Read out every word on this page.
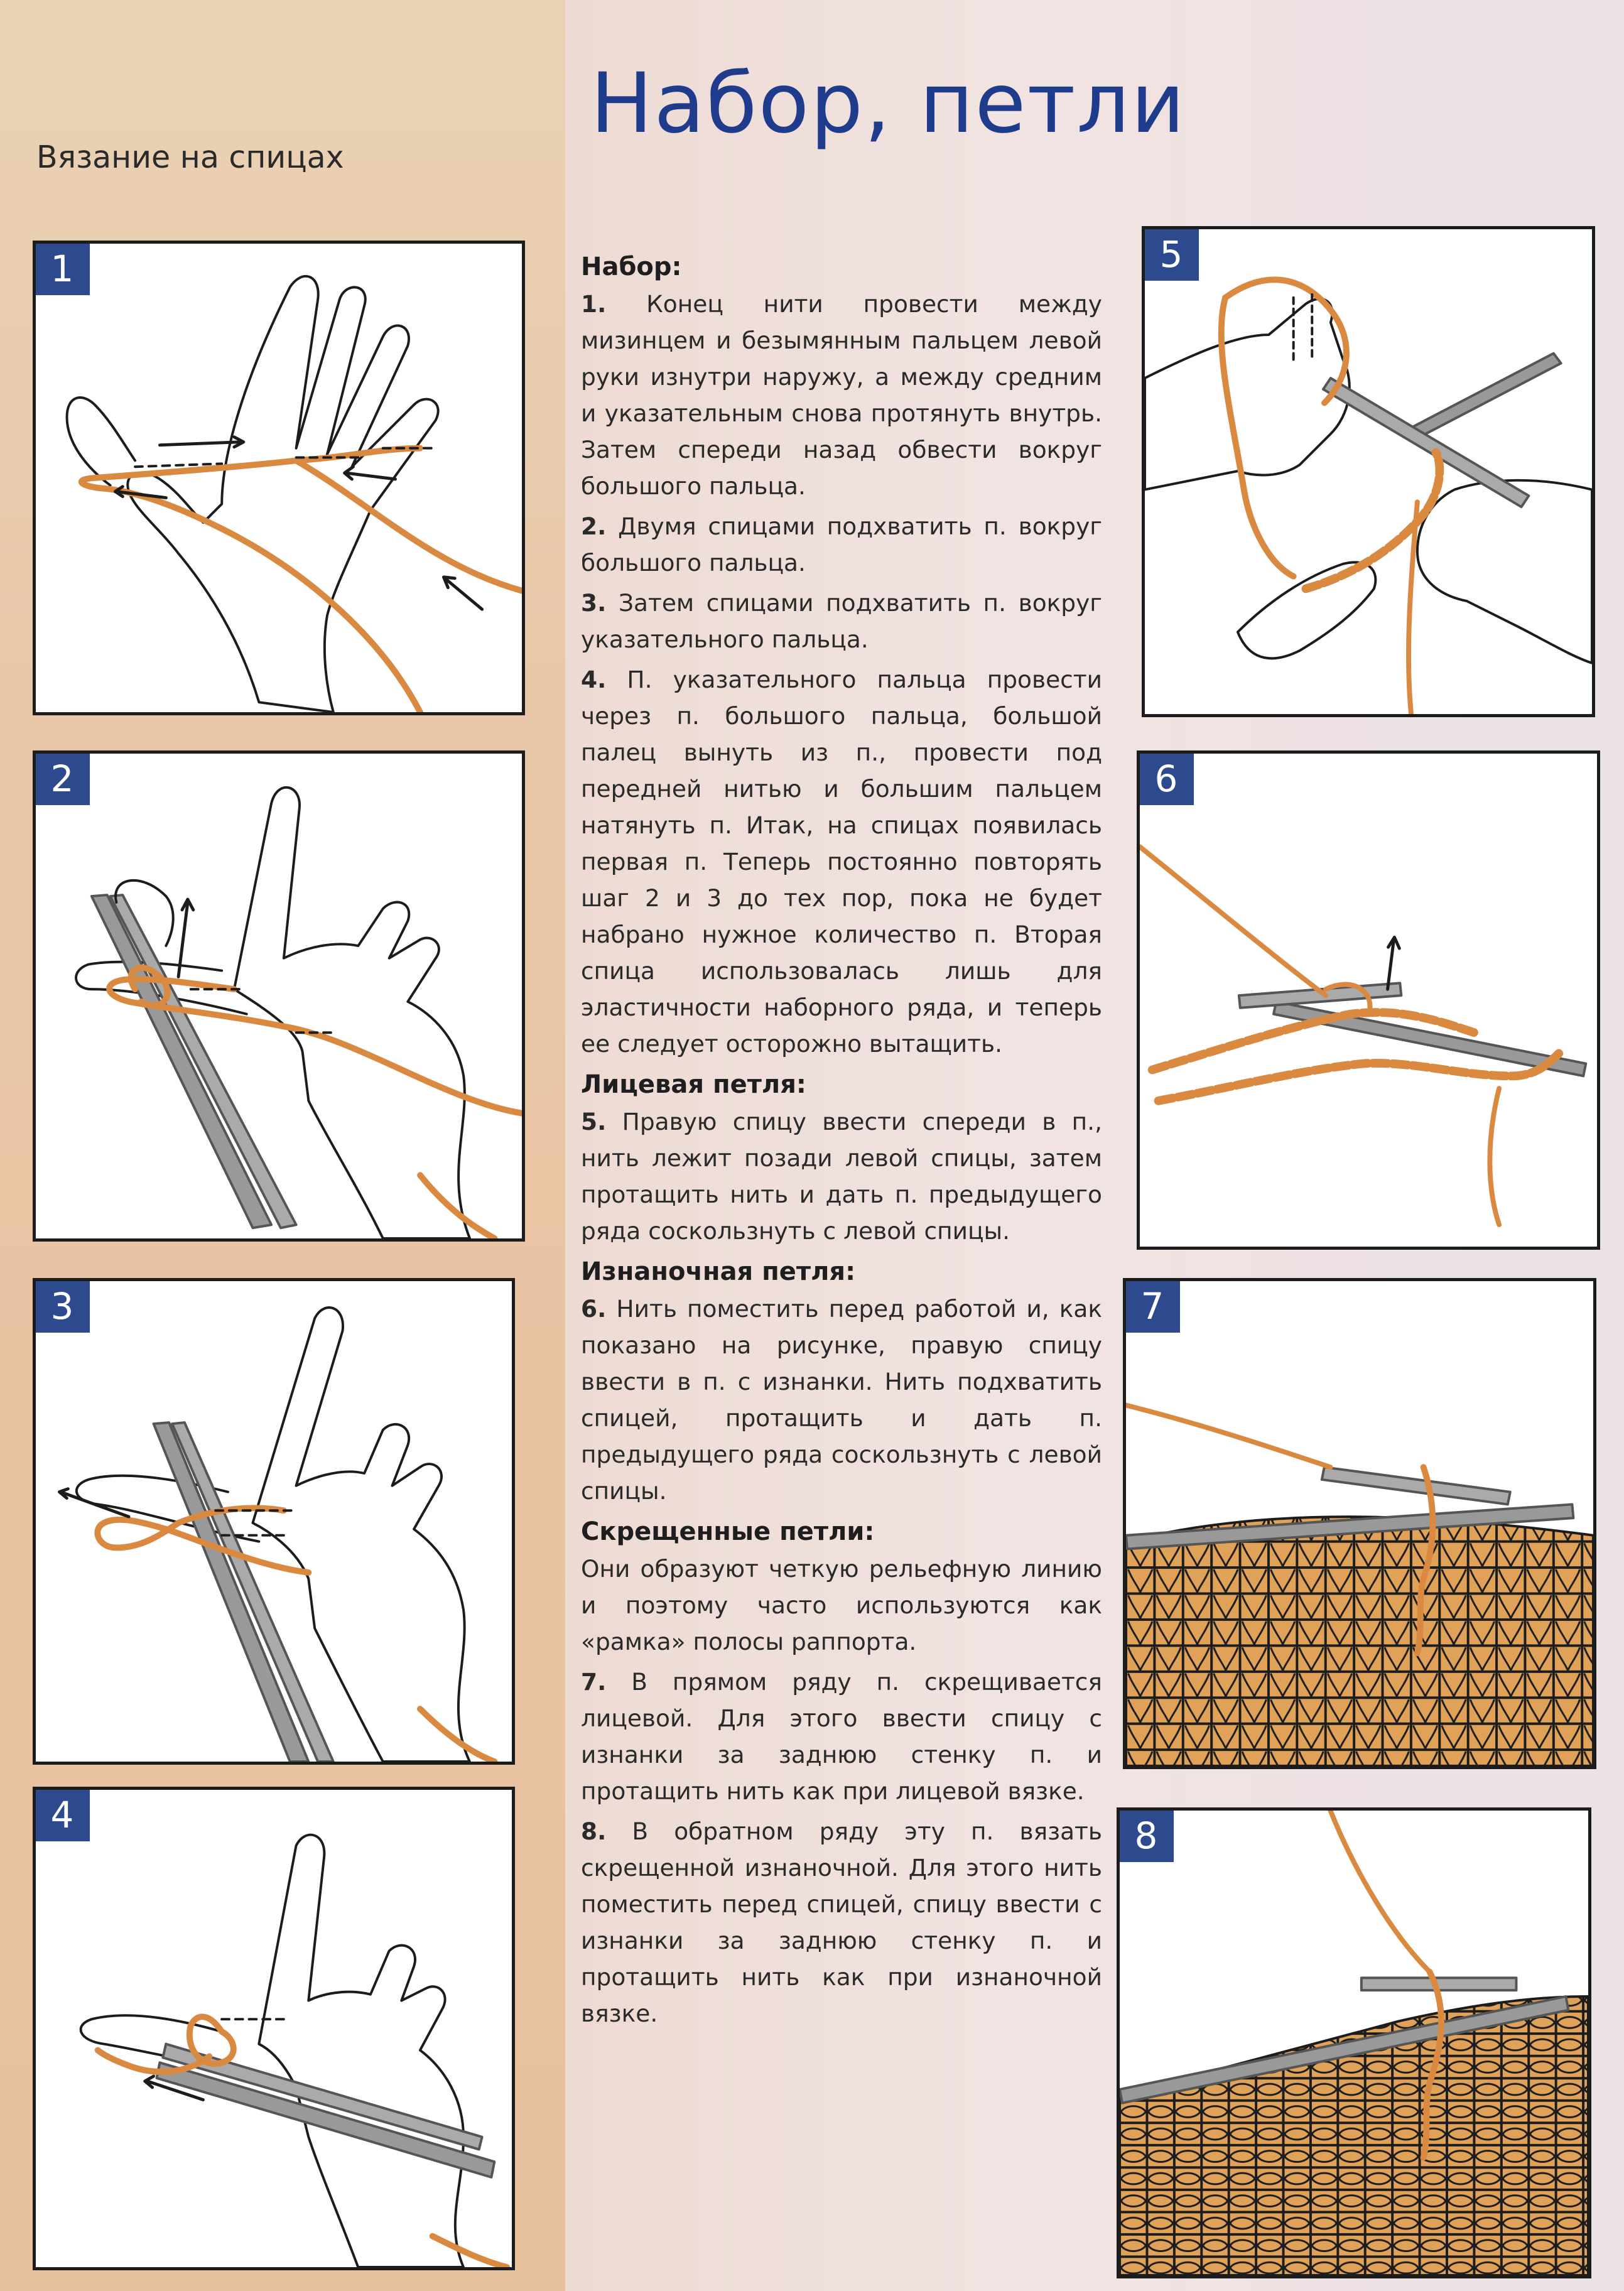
Набор, петли
Вязание на спицах
1
2
3
4
5
6
7
8
Набор:

1. Конец нити провести между мизинцем и безымянным пальцем левой руки изнутри наружу, а между средним и указательным снова протянуть внутрь. Затем спереди назад обвести вокруг большого пальца.

2. Двумя спицами подхватить п. вокруг большого пальца.

3. Затем спицами подхватить п. вокруг указательного пальца.

4. П. указательного пальца провести через п. большого пальца, большой палец вынуть из п., провести под передней нитью и большим пальцем натянуть п. Итак, на спицах появилась первая п. Теперь постоянно повторять шаг 2 и 3 до тех пор, пока не будет набрано нужное количество п. Вторая спица использовалась лишь для эластичности наборного ряда, и теперь ее следует осторожно вытащить.

Лицевая петля:

5. Правую спицу ввести спереди в п., нить лежит позади левой спицы, затем протащить нить и дать п. предыдущего ряда соскользнуть с левой спицы.

Изнаночная петля:

6. Нить поместить перед работой и, как показано на рисунке, правую спицу ввести в п. с изнанки. Нить подхватить спицей, протащить и дать п. предыдущего ряда соскользнуть с левой спицы.

Скрещенные петли:

Они образуют четкую рельефную линию и поэтому часто используются как «рамка» полосы раппорта.

7. В прямом ряду п. скрещивается лицевой. Для этого ввести спицу с изнанки за заднюю стенку п. и протащить нить как при лицевой вязке.

8. В обратном ряду эту п. вязать скрещенной изнаночной. Для этого нить поместить перед спицей, спицу ввести с изнанки за заднюю стенку п. и протащить нить как при изнаночной вязке.
